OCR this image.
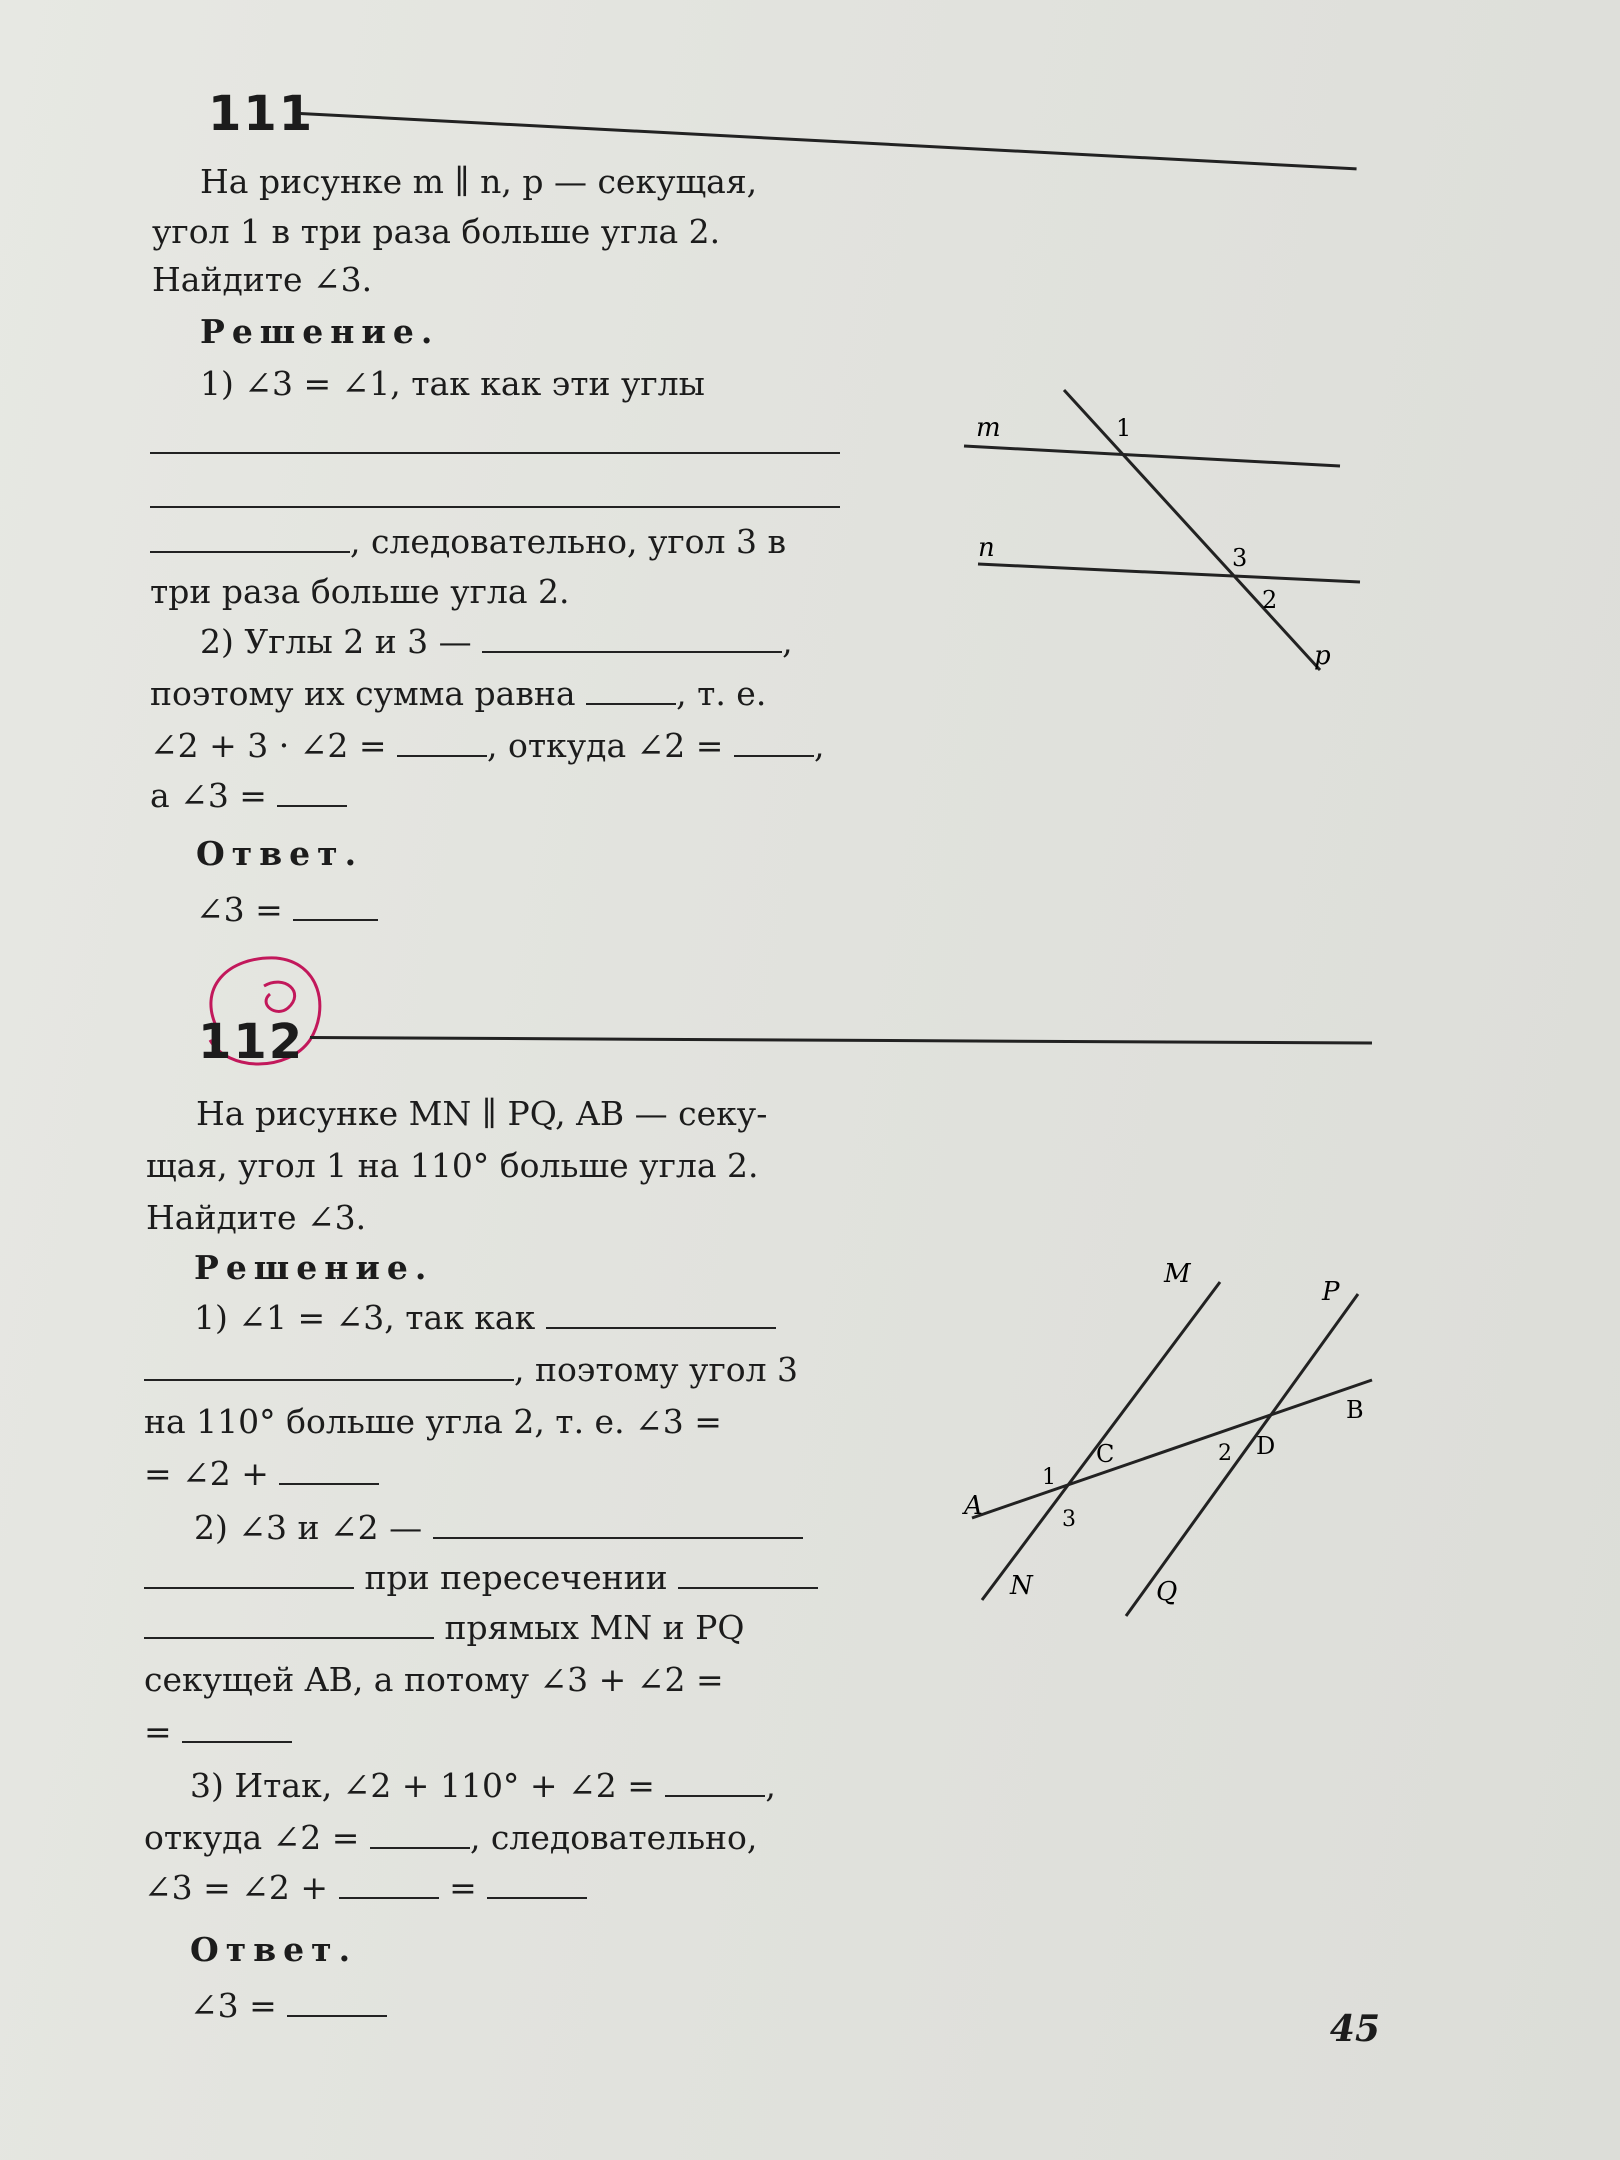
111
На рисунке m ∥ n, p — секущая,
угол 1 в три раза больше угла 2.
Найдите ∠3.
Решение.
1) ∠3 = ∠1, так как эти углы
, следовательно, угол 3 в
три раза больше угла 2.
2) Углы 2 и 3 —	,
поэтому их сумма равна	, т. е.
∠2 + 3 · ∠2 =	, откуда ∠2 =	,
а ∠3 =
Ответ.
∠3 =
m
n
p
1
3
2
112
На рисунке MN ∥ PQ, AB — секу-
щая, угол 1 на 110° больше угла 2.
Найдите ∠3.
Решение.
1) ∠1 = ∠3, так как
, поэтому угол 3
на 110° больше угла 2, т. е. ∠3 =
= ∠2 +
2) ∠3 и ∠2 —
при пересечении
прямых MN и PQ
секущей AB, а потому ∠3 + ∠2 =
=
3) Итак, ∠2 + 110° + ∠2 =	,
откуда ∠2 =	, следовательно,
∠3 = ∠2 +	=
Ответ.
∠3 =
M
N
P
Q
A
B
C	D
1
2
3
45
